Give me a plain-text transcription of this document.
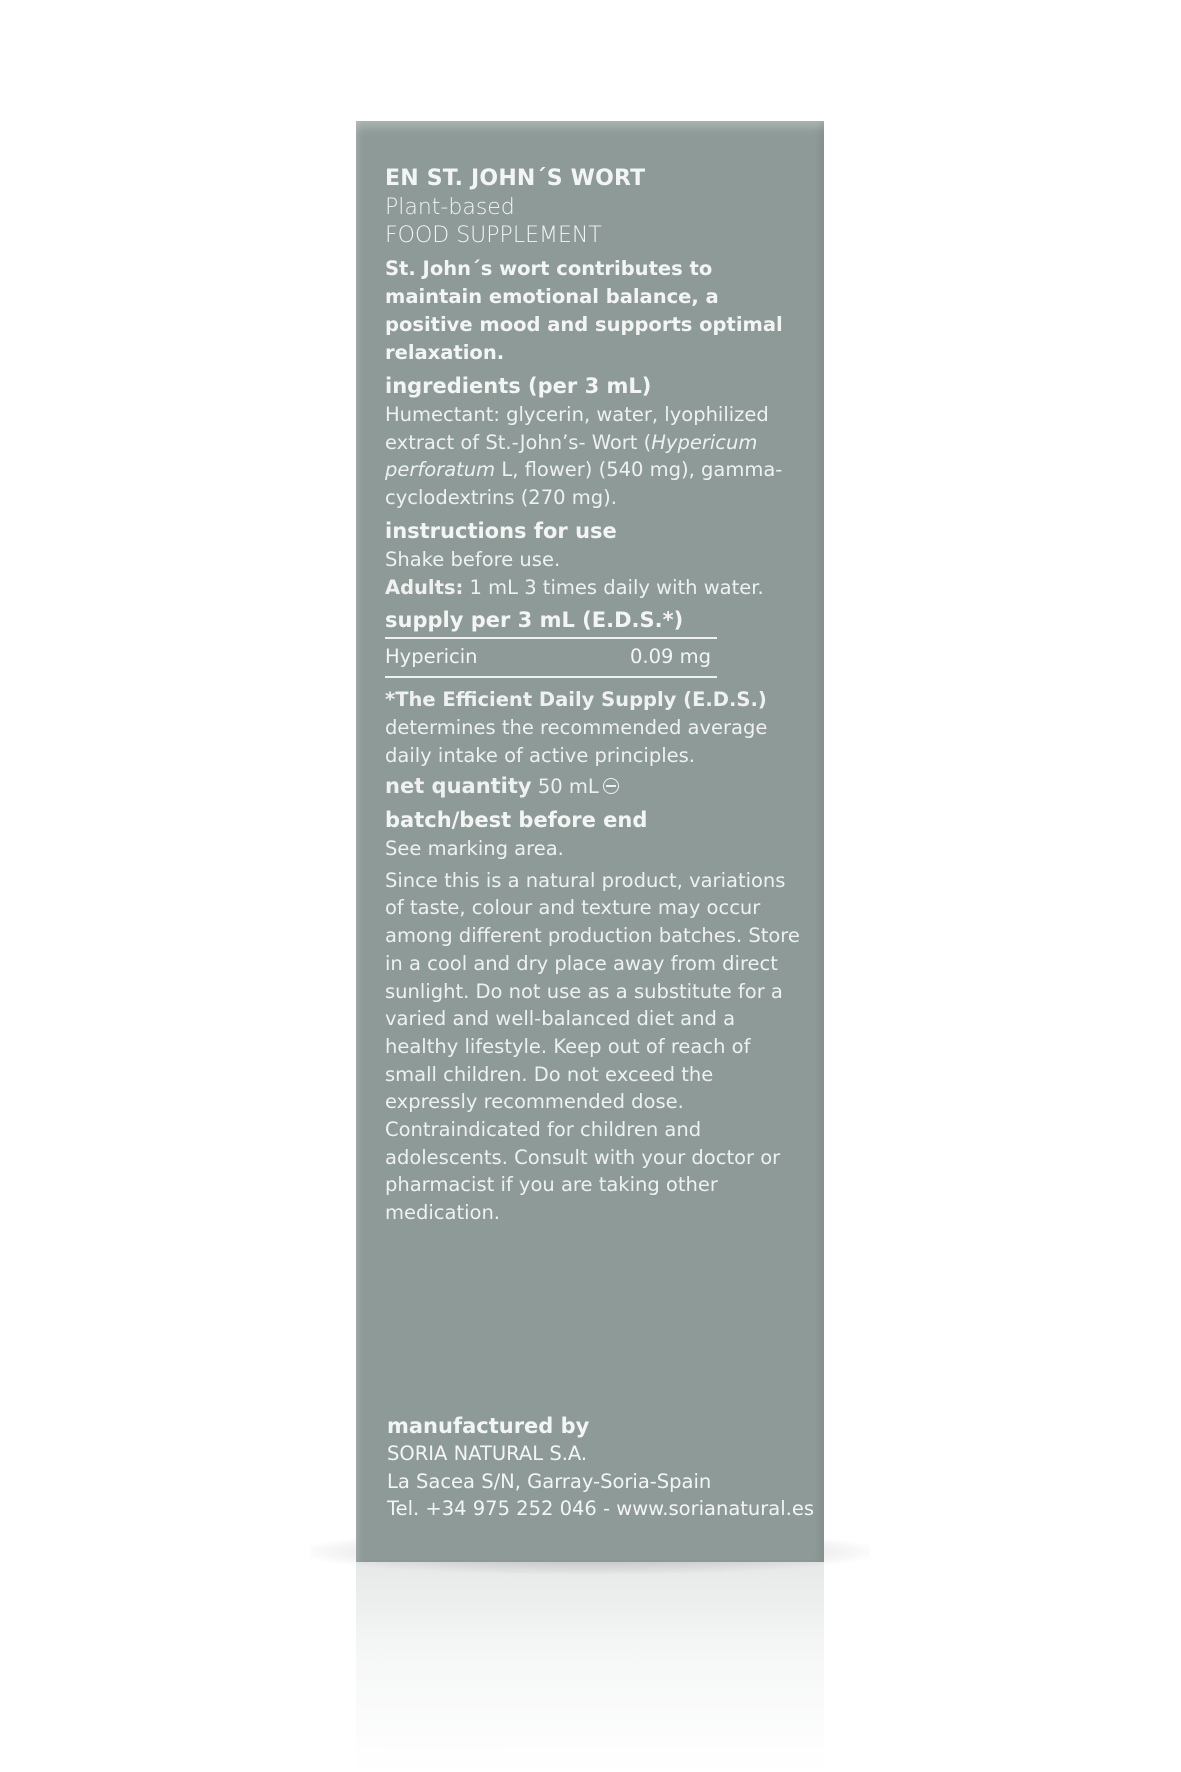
EN ST. JOHN´S WORT
Plant-based
FOOD SUPPLEMENT
St. John´s wort contributes to maintain emotional balance, a positive mood and supports optimal relaxation.
ingredients (per 3 mL)
Humectant: glycerin, water, lyophilized extract of St.-John’s- Wort (Hypericum perforatum L, flower) (540 mg), gamma-cyclodextrins (270 mg).
instructions for use
Shake before use.
Adults: 1 mL 3 times daily with water.
supply per 3 mL (E.D.S.*)
Hypericin	0.09 mg
*The Efficient Daily Supply (E.D.S.)
determines the recommended average daily intake of active principles.
net quantity 50 mL
batch/best before end
See marking area.
Since this is a natural product, variations of taste, colour and texture may occur among different production batches. Store in a cool and dry place away from direct sunlight. Do not use as a substitute for a varied and well-balanced diet and a healthy lifestyle. Keep out of reach of small children. Do not exceed the expressly recommended dose. Contraindicated for children and adolescents. Consult with your doctor or pharmacist if you are taking other medication.
manufactured by
SORIA NATURAL S.A.
La Sacea S/N, Garray-Soria-Spain
Tel. +34 975 252 046 - www.sorianatural.es
